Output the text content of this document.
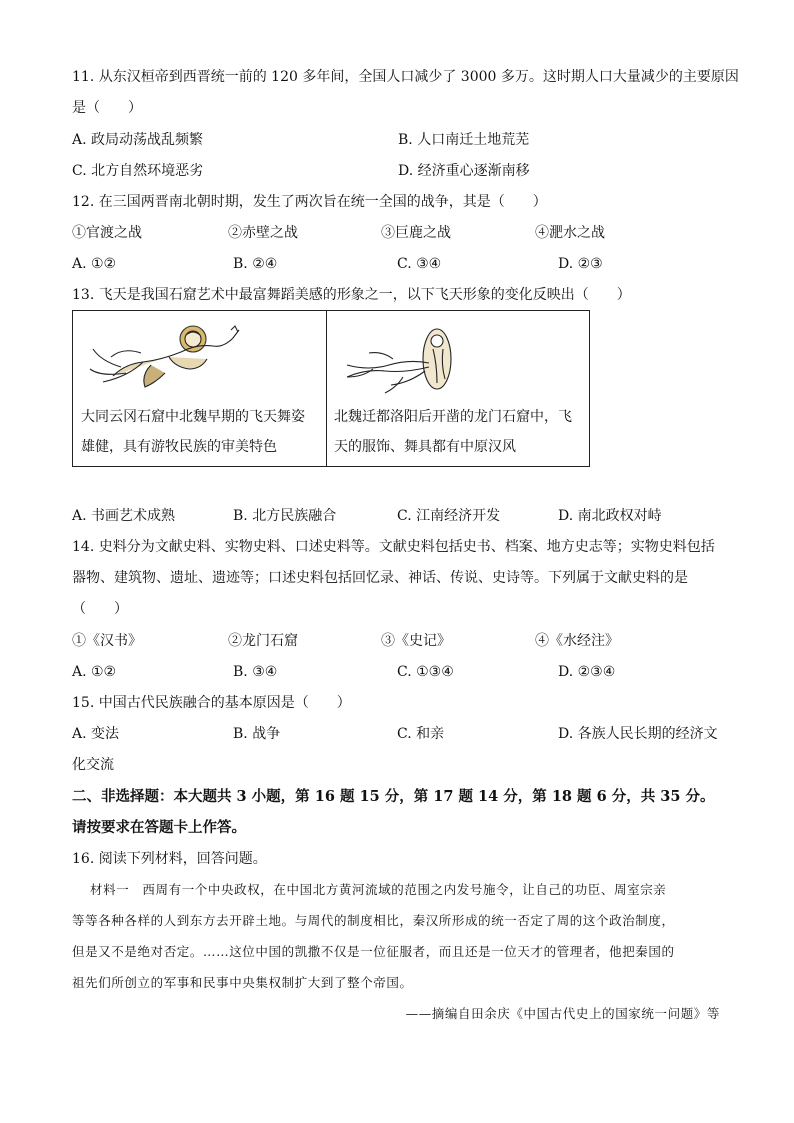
11. 从东汉桓帝到西晋统一前的 120 多年间，全国人口减少了 3000 多万。这时期人口大量减少的主要原因
是（　　）
A. 政局动荡战乱频繁	B. 人口南迁土地荒芜
C. 北方自然环境恶劣	D. 经济重心逐渐南移
12. 在三国两晋南北朝时期，发生了两次旨在统一全国的战争，其是（　　）
①官渡之战	②赤壁之战	③巨鹿之战	④淝水之战
A. ①②	B. ②④	C. ③④	D. ②③
13. 飞天是我国石窟艺术中最富舞蹈美感的形象之一，以下飞天形象的变化反映出（　　）
大同云冈石窟中北魏早期的飞天舞姿
雄健，具有游牧民族的审美特色
北魏迁都洛阳后开凿的龙门石窟中，飞
天的服饰、舞具都有中原汉风
A. 书画艺术成熟	B. 北方民族融合	C. 江南经济开发	D. 南北政权对峙
14. 史料分为文献史料、实物史料、口述史料等。文献史料包括史书、档案、地方史志等；实物史料包括
器物、建筑物、遗址、遗迹等；口述史料包括回忆录、神话、传说、史诗等。下列属于文献史料的是
（　　）
①《汉书》	②龙门石窟	③《史记》	④《水经注》
A. ①②	B. ③④	C. ①③④	D. ②③④
15. 中国古代民族融合的基本原因是（　　）
A. 变法	B. 战争	C. 和亲	D. 各族人民长期的经济文
化交流
二、非选择题：本大题共 3 小题，第 16 题 15 分，第 17 题 14 分，第 18 题 6 分，共 35 分。
请按要求在答题卡上作答。
16. 阅读下列材料，回答问题。
材料一　西周有一个中央政权，在中国北方黄河流域的范围之内发号施令，让自己的功臣、周室宗亲
等等各种各样的人到东方去开辟土地。与周代的制度相比，秦汉所形成的统一否定了周的这个政治制度，
但是又不是绝对否定。……这位中国的凯撒不仅是一位征服者，而且还是一位天才的管理者，他把秦国的
祖先们所创立的军事和民事中央集权制扩大到了整个帝国。
——摘编自田余庆《中国古代史上的国家统一问题》等
